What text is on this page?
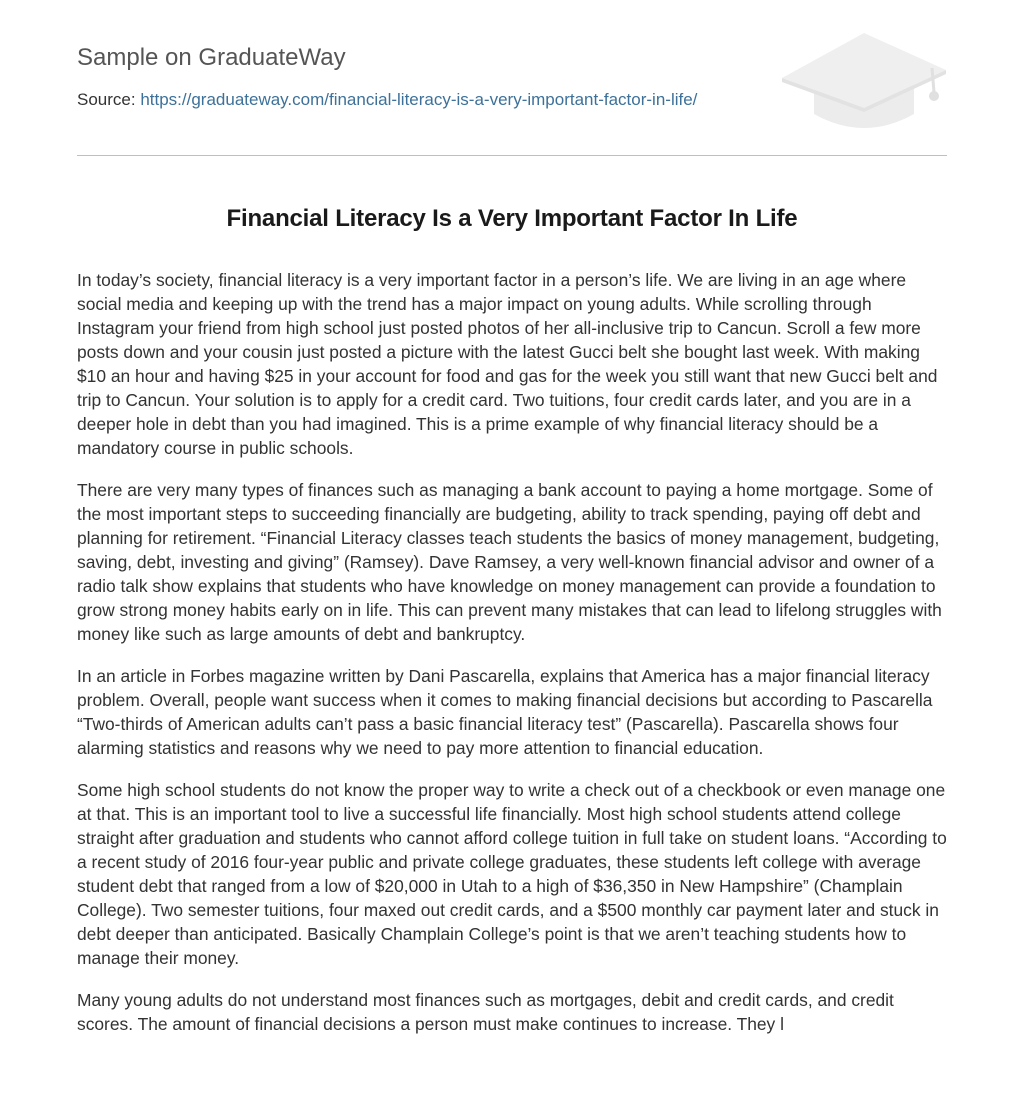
Sample on GraduateWay
Source: https://graduateway.com/financial-literacy-is-a-very-important-factor-in-life/
Financial Literacy Is a Very Important Factor In Life

In today’s society, financial literacy is a very important factor in a person’s life. We are living in an age where social media and keeping up with the trend has a major impact on young adults. While scrolling through Instagram your friend from high school just posted photos of her all-inclusive trip to Cancun. Scroll a few more posts down and your cousin just posted a picture with the latest Gucci belt she bought last week. With making $10 an hour and having $25 in your account for food and gas for the week you still want that new Gucci belt and trip to Cancun. Your solution is to apply for a credit card. Two tuitions, four credit cards later, and you are in a deeper hole in debt than you had imagined. This is a prime example of why financial literacy should be a mandatory course in public schools.

There are very many types of finances such as managing a bank account to paying a home mortgage. Some of the most important steps to succeeding financially are budgeting, ability to track spending, paying off debt and planning for retirement. “Financial Literacy classes teach students the basics of money management, budgeting, saving, debt, investing and giving” (Ramsey). Dave Ramsey, a very well-known financial advisor and owner of a radio talk show explains that students who have knowledge on money management can provide a foundation to grow strong money habits early on in life. This can prevent many mistakes that can lead to lifelong struggles with money like such as large amounts of debt and bankruptcy.

In an article in Forbes magazine written by Dani Pascarella, explains that America has a major financial literacy problem. Overall, people want success when it comes to making financial decisions but according to Pascarella “Two-thirds of American adults can’t pass a basic financial literacy test” (Pascarella). Pascarella shows four alarming statistics and reasons why we need to pay more attention to financial education.

Some high school students do not know the proper way to write a check out of a checkbook or even manage one at that. This is an important tool to live a successful life financially. Most high school students attend college straight after graduation and students who cannot afford college tuition in full take on student loans. “According to a recent study of 2016 four-year public and private college graduates, these students left college with average student debt that ranged from a low of $20,000 in Utah to a high of $36,350 in New Hampshire” (Champlain College). Two semester tuitions, four maxed out credit cards, and a $500 monthly car payment later and stuck in debt deeper than anticipated. Basically Champlain College’s point is that we aren’t teaching students how to manage their money.

Many young adults do not understand most finances such as mortgages, debit and credit cards, and credit scores. The amount of financial decisions a person must make continues to increase. They l
